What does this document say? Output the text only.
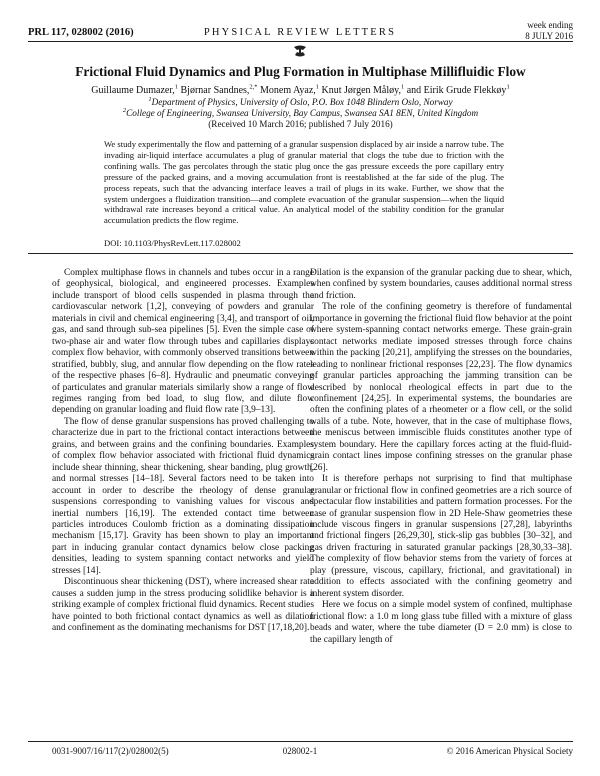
PRL 117, 028002 (2016)	PHYSICAL REVIEW LETTERS
week ending
8 JULY 2016
Frictional Fluid Dynamics and Plug Formation in Multiphase Millifluidic Flow
Guillaume Dumazer,$^1$ Bjørnar Sandnes,$^{2,*}$ Monem Ayaz,$^1$ Knut Jørgen Måløy,$^1$ and Eirik Grude Flekkøy$^1$
$^1$Department of Physics, University of Oslo, P.O. Box 1048 Blindern Oslo, Norway
$^2$College of Engineering, Swansea University, Bay Campus, Swansea SA1 8EN, United Kingdom
(Received 10 March 2016; published 7 July 2016)
We study experimentally the flow and patterning of a granular suspension displaced by air inside a narrow tube. The invading air-liquid interface accumulates a plug of granular material that clogs the tube due to friction with the confining walls. The gas percolates through the static plug once the gas pressure exceeds the pore capillary entry pressure of the packed grains, and a moving accumulation front is reestablished at the far side of the plug. The process repeats, such that the advancing interface leaves a trail of plugs in its wake. Further, we show that the system undergoes a fluidization transition—and complete evacuation of the granular suspension—when the liquid withdrawal rate increases beyond a critical value. An analytical model of the stability condition for the granular accumulation predicts the flow regime.
DOI: 10.1103/PhysRevLett.117.028002

Complex multiphase flows in channels and tubes occur in a range of geophysical, biological, and engineered processes. Examples include transport of blood cells suspended in plasma through the cardiovascular network [1,2], conveying of powders and granular materials in civil and chemical engineering [3,4], and transport of oil, gas, and sand through sub-sea pipelines [5]. Even the simple case of two-phase air and water flow through tubes and capillaries displays complex flow behavior, with commonly observed transitions between stratified, bubbly, slug, and annular flow depending on the flow rates of the respective phases [6–8]. Hydraulic and pneumatic conveying of particulates and granular materials similarly show a range of flow regimes ranging from bed load, to slug flow, and dilute flow depending on granular loading and fluid flow rate [3,9–13].

The flow of dense granular suspensions has proved challenging to characterize due in part to the frictional contact interactions between grains, and between grains and the confining boundaries. Examples of complex flow behavior associated with frictional fluid dynamics include shear thinning, shear thickening, shear banding, plug growth, and normal stresses [14–18]. Several factors need to be taken into account in order to describe the rheology of dense granular suspensions corresponding to vanishing values for viscous and inertial numbers [16,19]. The extended contact time between particles introduces Coulomb friction as a dominating dissipation mechanism [15,17]. Gravity has been shown to play an important part in inducing granular contact dynamics below close packing densities, leading to system spanning contact networks and yield stresses [14].

Discontinuous shear thickening (DST), where increased shear rate causes a sudden jump in the stress producing solidlike behavior is a striking example of complex frictional fluid dynamics. Recent studies have pointed to both frictional contact dynamics as well as dilation and confinement as the dominating mechanisms for DST [17,18,20].

Dilation is the expansion of the granular packing due to shear, which, when confined by system boundaries, causes additional normal stress and friction.

The role of the confining geometry is therefore of fundamental importance in governing the frictional fluid flow behavior at the point where system-spanning contact networks emerge. These grain-grain contact networks mediate imposed stresses through force chains within the packing [20,21], amplifying the stresses on the boundaries, leading to nonlinear frictional responses [22,23]. The flow dynamics of granular particles approaching the jamming transition can be described by nonlocal rheological effects in part due to the confinement [24,25]. In experimental systems, the boundaries are often the confining plates of a rheometer or a flow cell, or the solid walls of a tube. Note, however, that in the case of multiphase flows, the meniscus between immiscible fluids constitutes another type of system boundary. Here the capillary forces acting at the fluid-fluid-grain contact lines impose confining stresses on the granular phase [26].

It is therefore perhaps not surprising to find that multiphase granular or frictional flow in confined geometries are a rich source of spectacular flow instabilities and pattern formation processes. For the case of granular suspension flow in 2D Hele-Shaw geometries these include viscous fingers in granular suspensions [27,28], labyrinths and frictional fingers [26,29,30], stick-slip gas bubbles [30–32], and gas driven fracturing in saturated granular packings [28,30,33–38]. The complexity of flow behavior stems from the variety of forces at play (pressure, viscous, capillary, frictional, and gravitational) in addition to effects associated with the confining geometry and inherent system disorder.

Here we focus on a simple model system of confined, multiphase frictional flow: a 1.0 m long glass tube filled with a mixture of glass beads and water, where the tube diameter (D = 2.0 mm) is close to the capillary length of

0031-9007/16/117(2)/028002(5)	028002-1	© 2016 American Physical Society
